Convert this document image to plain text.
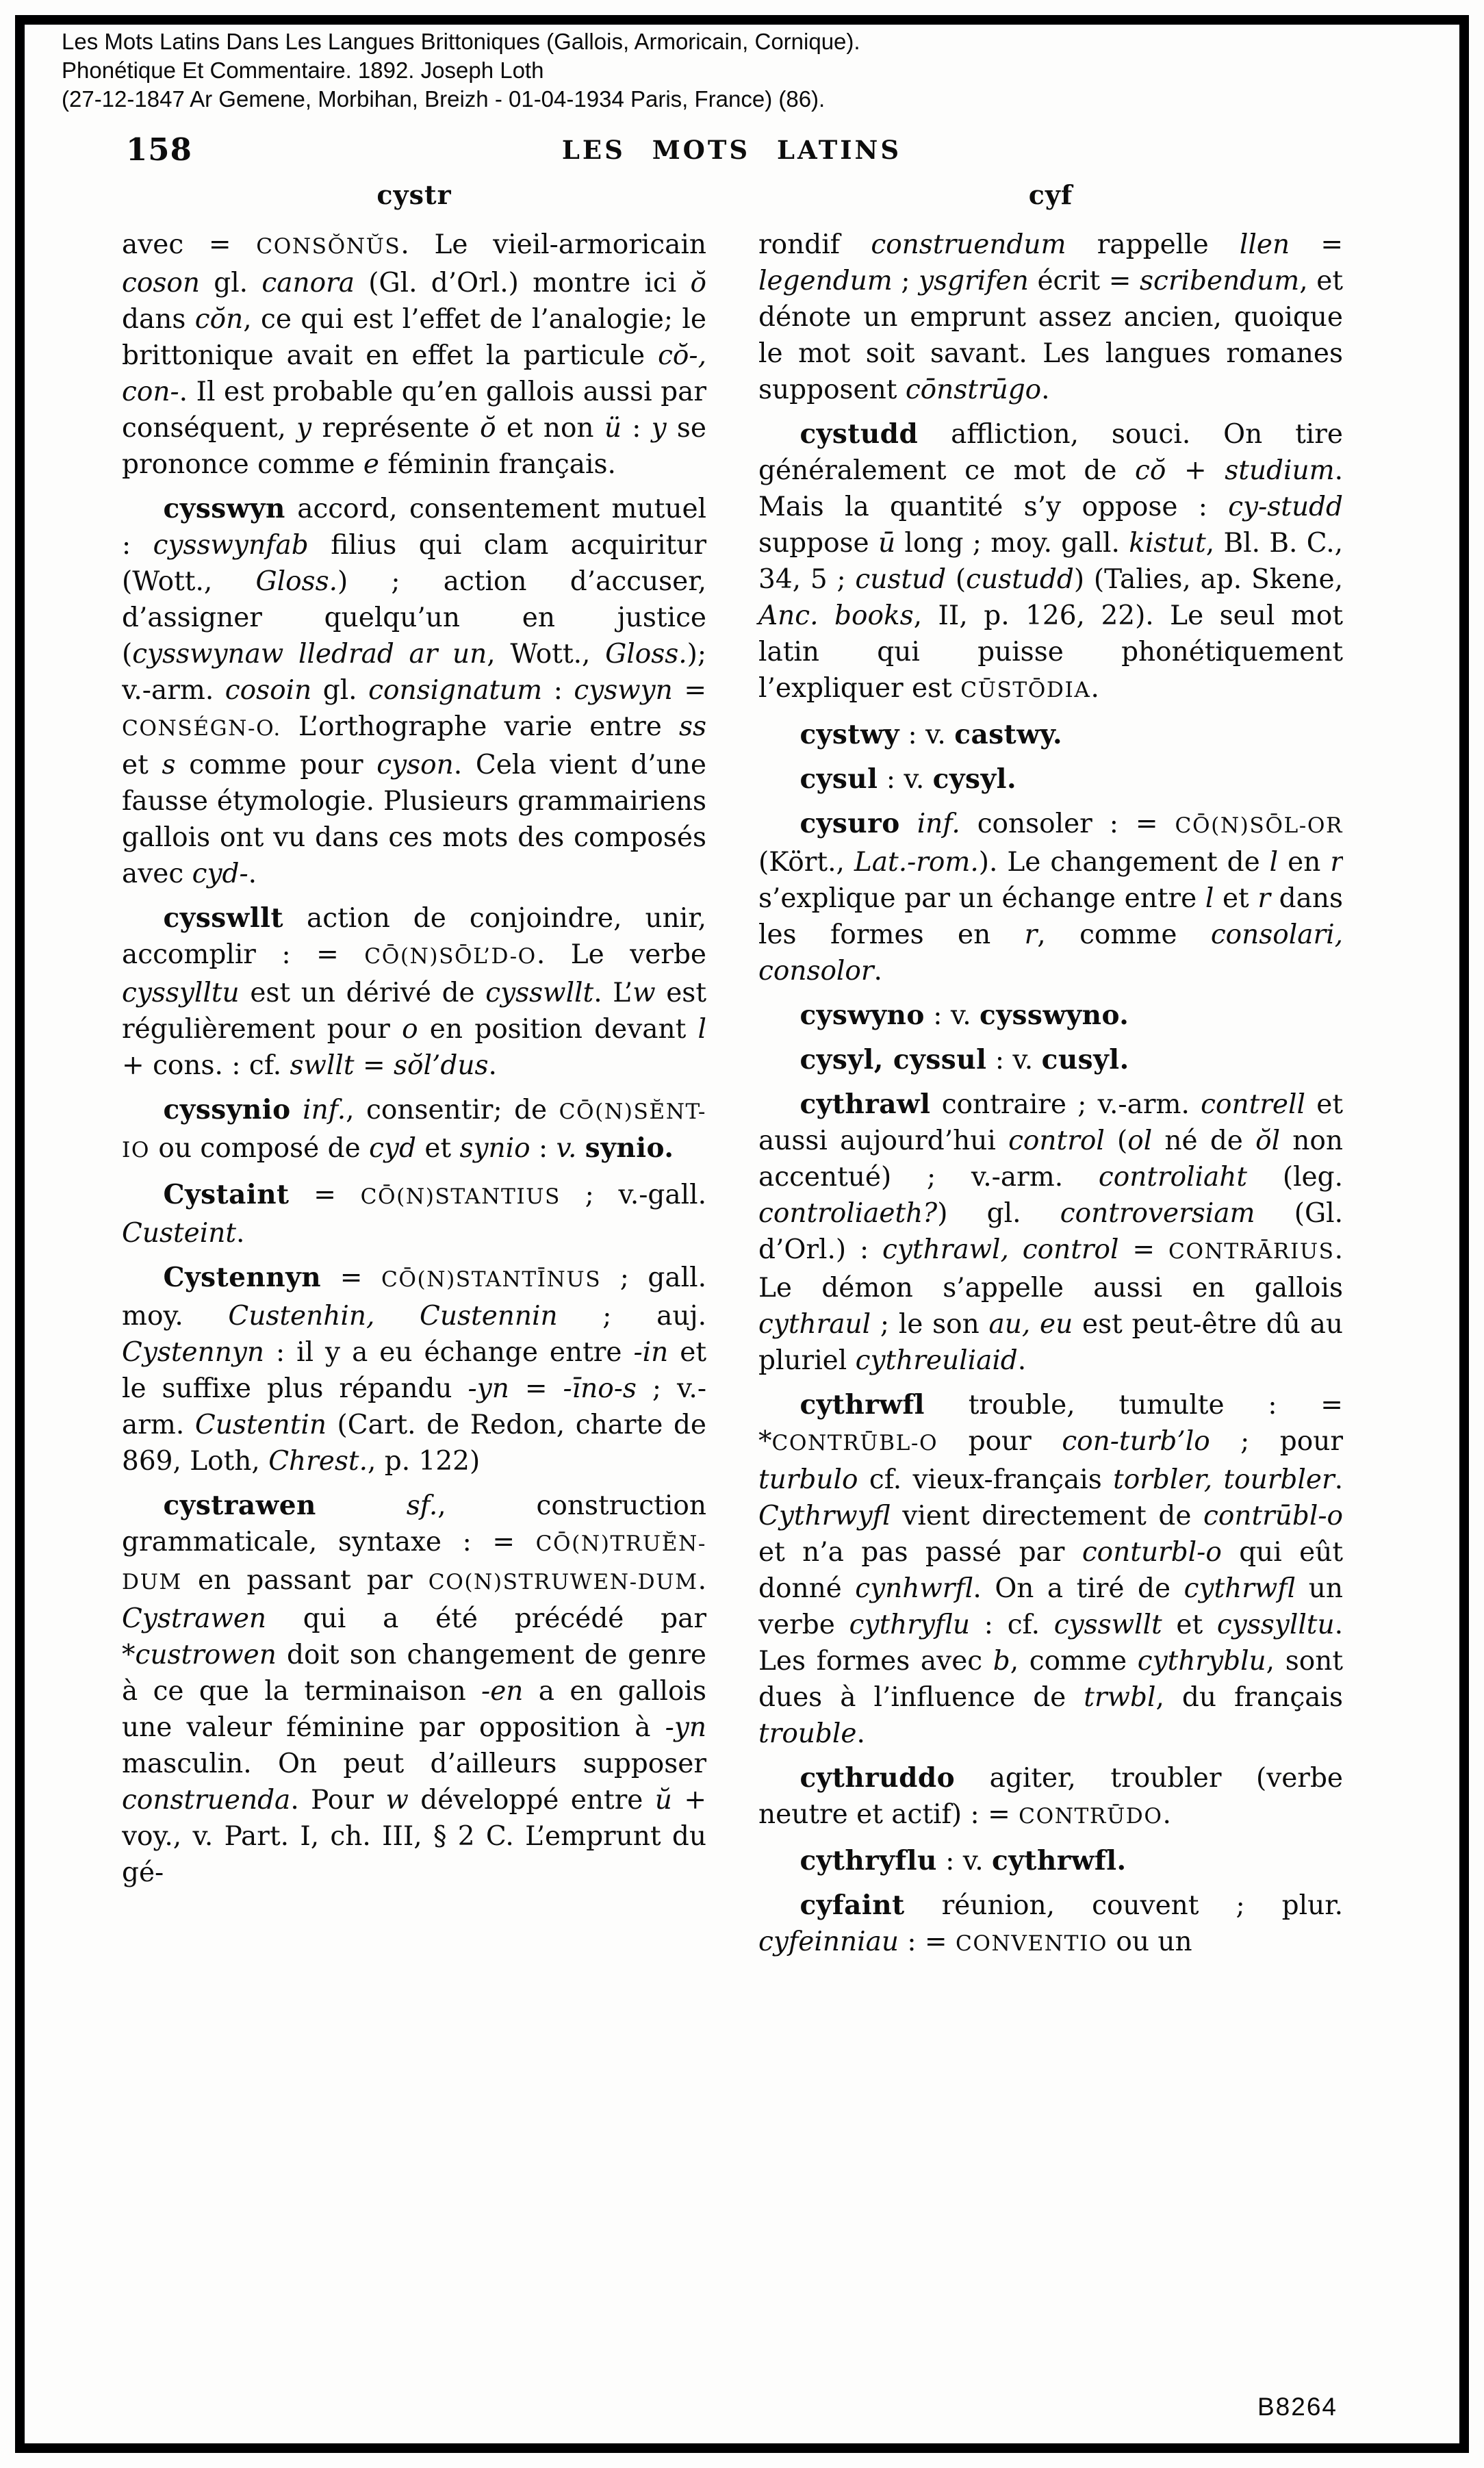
Les Mots Latins Dans Les Langues Brittoniques (Gallois, Armoricain, Cornique).
Phonétique Et Commentaire. 1892. Joseph Loth
(27-12-1847 Ar Gemene, Morbihan, Breizh - 01-04-1934 Paris, France) (86).
158	LES MOTS LATINS
cystr

avec = CONSŎNŬS. Le vieil-armoricain coson gl. canora (Gl. d’Orl.) montre ici ŏ dans cŏn, ce qui est l’effet de l’analogie; le brittonique avait en effet la particule cŏ-, con-. Il est probable qu’en gallois aussi par conséquent, y représente ŏ et non ü : y se prononce comme e féminin français.

cysswyn accord, consentement mutuel : cysswynfab filius qui clam acquiritur (Wott., Gloss.) ; action d’accuser, d’assigner quelqu’un en justice (cysswynaw lledrad ar un, Wott., Gloss.); v.-arm. cosoin gl. consignatum : cyswyn = CONSÉGN-O. L’orthographe varie entre ss et s comme pour cyson. Cela vient d’une fausse étymologie. Plusieurs grammairiens gallois ont vu dans ces mots des composés avec cyd-.

cysswllt action de conjoindre, unir, accomplir : = CŌ(N)SŌL’D-O. Le verbe cyssylltu est un dérivé de cysswllt. L’w est régulièrement pour o en position devant l + cons. : cf. swllt = sŏl’dus.

cyssynio inf., consentir; de CŌ(N)SĔNT-IO ou composé de cyd et synio : v. synio.

Cystaint = CŌ(N)STANTIUS ; v.-gall. Custeint.

Cystennyn = CŌ(N)STANTĪNUS ; gall. moy. Custenhin, Custennin ; auj. Cystennyn : il y a eu échange entre -in et le suffixe plus répandu -yn = -īno-s ; v.-arm. Custentin (Cart. de Redon, charte de 869, Loth, Chrest., p. 122)

cystrawen	sf., construction grammaticale, syntaxe : = CŌ(N)TRUĔN-DUM en passant par CO(N)STRUWEN-DUM. Cystrawen qui a été précédé par *custrowen doit son changement de genre à ce que la terminaison -en a en gallois une valeur féminine par opposition à -yn masculin. On peut d’ailleurs supposer construenda. Pour w développé entre ŭ + voy., v. Part. I, ch. III, § 2 C. L’emprunt du gé-

cyf

rondif construendum rappelle llen = legendum ; ysgrifen écrit = scribendum, et dénote un emprunt assez ancien, quoique le mot soit savant. Les langues romanes supposent cōnstrūgo.

cystudd affliction, souci. On tire généralement ce mot de cŏ + studium. Mais la quantité s’y oppose : cy-studd suppose ū long ; moy. gall. kistut, Bl. B. C., 34, 5 ; custud (custudd) (Talies, ap. Skene, Anc. books, II, p. 126, 22). Le seul mot latin qui puisse phonétiquement l’expliquer est CŪSTŌDIA.

cystwy : v. castwy.

cysul : v. cysyl.

cysuro inf. consoler : = CŌ(N)SŌL-OR (Kört., Lat.-rom.). Le changement de l en r s’explique par un échange entre l et r dans les formes en r, comme consolari, consolor.

cyswyno : v. cysswyno.

cysyl, cyssul : v. cusyl.

cythrawl contraire ; v.-arm. contrell et aussi aujourd’hui control (ol né de ŏl non accentué) ; v.-arm. controliaht (leg. controliaeth?) gl. controversiam (Gl. d’Orl.) : cythrawl, control = CONTRĀRIUS. Le démon s’appelle aussi en gallois cythraul ; le son au, eu est peut-être dû au pluriel cythreuliaid.

cythrwfl trouble, tumulte : = *CONTRŪBL-O pour con-turb’lo ; pour turbulo cf. vieux-français torbler, tourbler. Cythrwyfl vient directement de contrūbl-o et n’a pas passé par conturbl-o qui eût donné cynhwrfl. On a tiré de cythrwfl un verbe cythryflu : cf. cysswllt et cyssylltu. Les formes avec b, comme cythryblu, sont dues à l’influence de trwbl, du français trouble.

cythruddo agiter, troubler (verbe neutre et actif) : = CONTRŪDO.

cythryflu : v. cythrwfl.

cyfaint réunion, couvent ; plur. cyfeinniau : = CONVENTIO ou un

B8264
